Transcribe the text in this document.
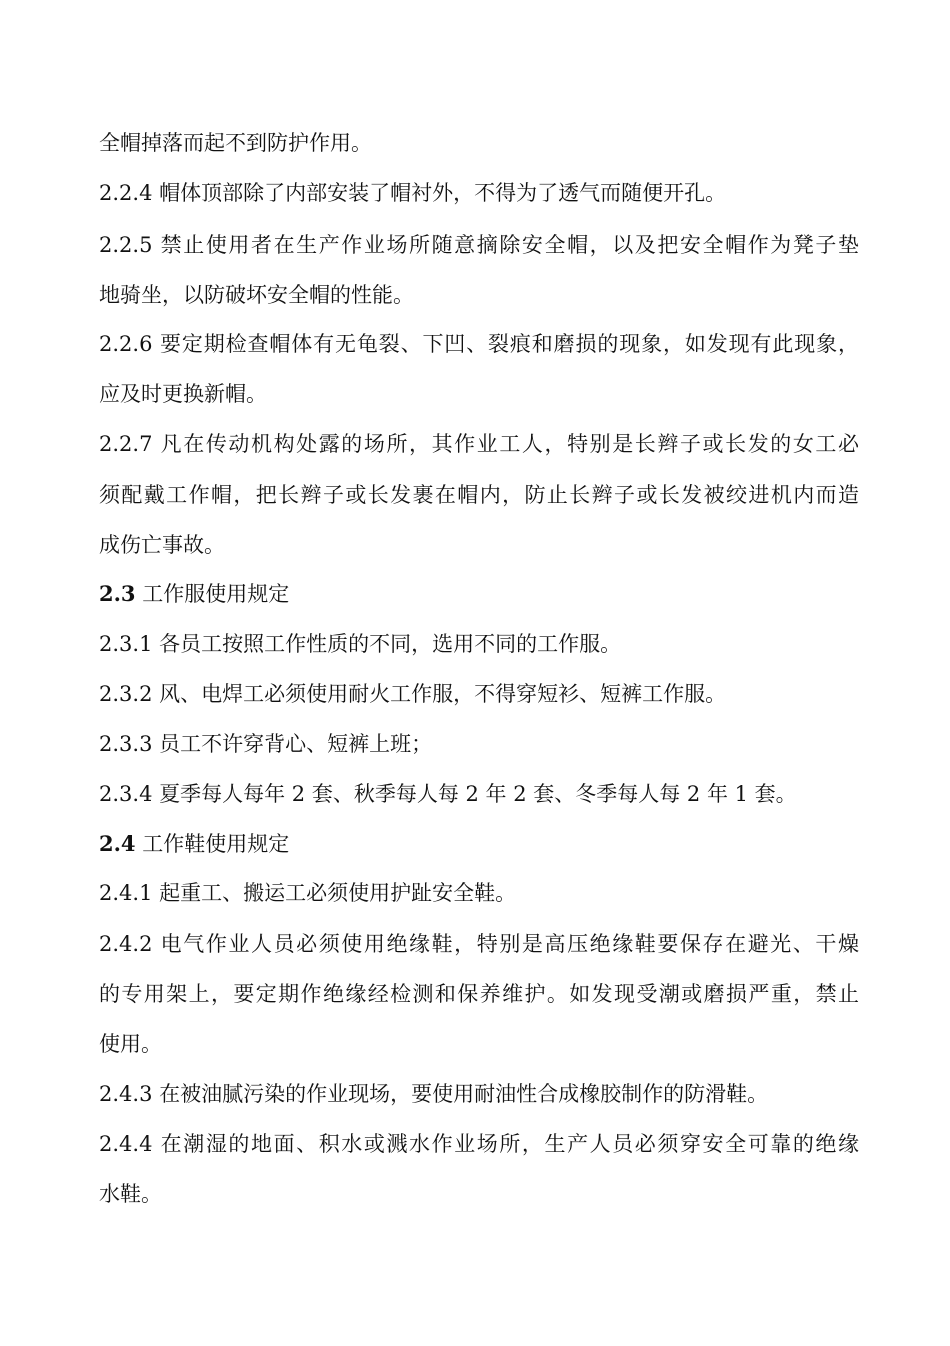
全帽掉落而起不到防护作用。
2.2.4 帽体顶部除了内部安装了帽衬外，不得为了透气而随便开孔。
2.2.5 禁止使用者在生产作业场所随意摘除安全帽，以及把安全帽作为凳子垫
地骑坐，以防破坏安全帽的性能。
2.2.6 要定期检查帽体有无龟裂、下凹、裂痕和磨损的现象，如发现有此现象，
应及时更换新帽。
2.2.7 凡在传动机构处露的场所，其作业工人，特别是长辫子或长发的女工必
须配戴工作帽，把长辫子或长发裹在帽内，防止长辫子或长发被绞进机内而造
成伤亡事故。
2.3 工作服使用规定
2.3.1 各员工按照工作性质的不同，选用不同的工作服。
2.3.2 风、电焊工必须使用耐火工作服，不得穿短衫、短裤工作服。
2.3.3 员工不许穿背心、短裤上班；
2.3.4 夏季每人每年 2 套、秋季每人每 2 年 2 套、冬季每人每 2 年 1 套。
2.4 工作鞋使用规定
2.4.1 起重工、搬运工必须使用护趾安全鞋。
2.4.2 电气作业人员必须使用绝缘鞋，特别是高压绝缘鞋要保存在避光、干燥
的专用架上，要定期作绝缘经检测和保养维护。如发现受潮或磨损严重，禁止
使用。
2.4.3 在被油腻污染的作业现场，要使用耐油性合成橡胶制作的防滑鞋。
2.4.4 在潮湿的地面、积水或溅水作业场所，生产人员必须穿安全可靠的绝缘
水鞋。
